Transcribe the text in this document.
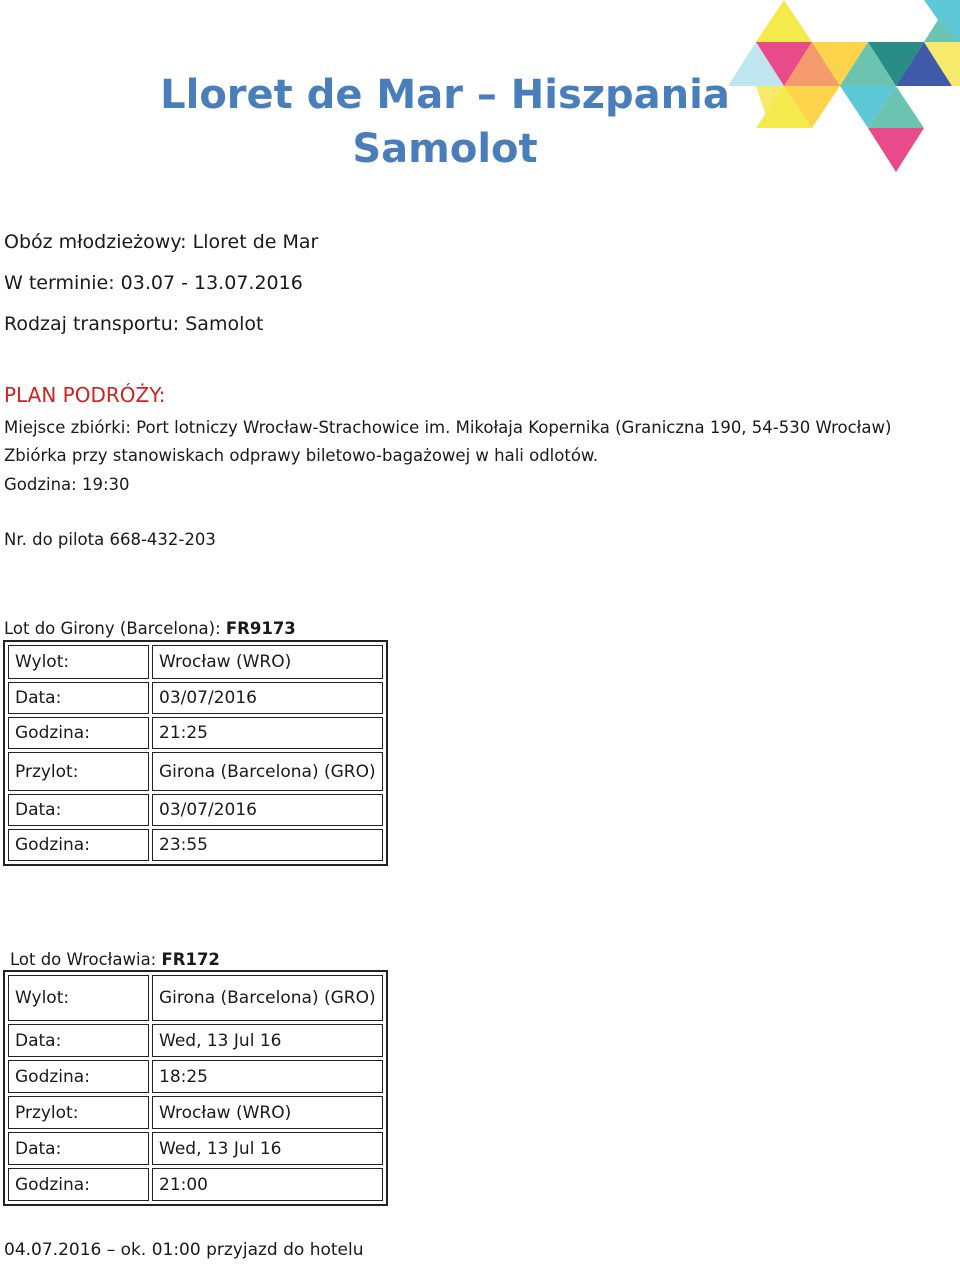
Lloret de Mar – Hiszpania
Samolot
Obóz młodzieżowy: Lloret de Mar
W terminie: 03.07 - 13.07.2016
Rodzaj transportu: Samolot
PLAN PODRÓŻY:
Miejsce zbiórki: Port lotniczy Wrocław-Strachowice im. Mikołaja Kopernika (Graniczna 190, 54-530 Wrocław)
Zbiórka przy stanowiskach odprawy biletowo-bagażowej w hali odlotów.
Godzina: 19:30
Nr. do pilota 668-432-203
Lot do Girony (Barcelona): FR9173
Wylot:	Wrocław (WRO)
Data:	03/07/2016
Godzina:	21:25
Przylot:	Girona (Barcelona) (GRO)
Data:	03/07/2016
Godzina:	23:55
Lot do Wrocławia: FR172
Wylot:	Girona (Barcelona) (GRO)
Data:	Wed, 13 Jul 16
Godzina:	18:25
Przylot:	Wrocław (WRO)
Data:	Wed, 13 Jul 16
Godzina:	21:00
04.07.2016 – ok. 01:00 przyjazd do hotelu
